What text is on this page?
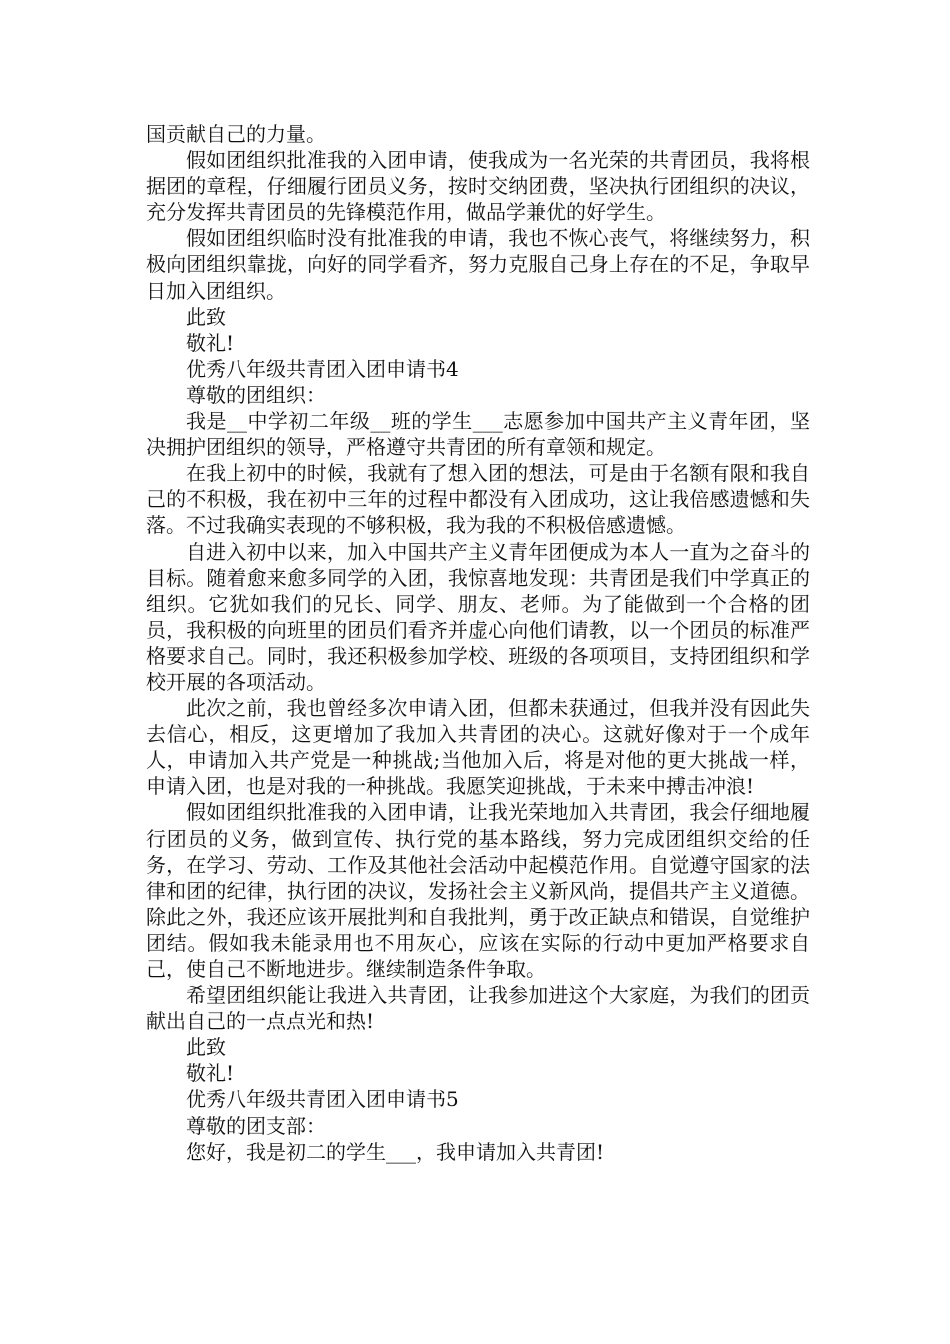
国贡献自己的力量。

假如团组织批准我的入团申请，使我成为一名光荣的共青团员，我将根据团的章程，仔细履行团员义务，按时交纳团费，坚决执行团组织的决议，充分发挥共青团员的先锋模范作用，做品学兼优的好学生。

假如团组织临时没有批准我的申请，我也不恢心丧气，将继续努力，积极向团组织靠拢，向好的同学看齐，努力克服自己身上存在的不足，争取早日加入团组织。

此致

敬礼!

优秀八年级共青团入团申请书4

尊敬的团组织：

我是__中学初二年级__班的学生___志愿参加中国共产主义青年团，坚决拥护团组织的领导，严格遵守共青团的所有章领和规定。

在我上初中的时候，我就有了想入团的想法，可是由于名额有限和我自己的不积极，我在初中三年的过程中都没有入团成功，这让我倍感遗憾和失落。不过我确实表现的不够积极，我为我的不积极倍感遗憾。

自进入初中以来，加入中国共产主义青年团便成为本人一直为之奋斗的目标。随着愈来愈多同学的入团，我惊喜地发现：共青团是我们中学真正的组织。它犹如我们的兄长、同学、朋友、老师。为了能做到一个合格的团员，我积极的向班里的团员们看齐并虚心向他们请教，以一个团员的标准严格要求自己。同时，我还积极参加学校、班级的各项项目，支持团组织和学校开展的各项活动。

此次之前，我也曾经多次申请入团，但都未获通过，但我并没有因此失去信心，相反，这更增加了我加入共青团的决心。这就好像对于一个成年人，申请加入共产党是一种挑战;当他加入后，将是对他的更大挑战一样，申请入团，也是对我的一种挑战。我愿笑迎挑战，于未来中搏击冲浪!

假如团组织批准我的入团申请，让我光荣地加入共青团，我会仔细地履行团员的义务，做到宣传、执行党的基本路线，努力完成团组织交给的任务，在学习、劳动、工作及其他社会活动中起模范作用。自觉遵守国家的法律和团的纪律，执行团的决议，发扬社会主义新风尚，提倡共产主义道德。除此之外，我还应该开展批判和自我批判，勇于改正缺点和错误，自觉维护团结。假如我未能录用也不用灰心，应该在实际的行动中更加严格要求自己，使自己不断地进步。继续制造条件争取。

希望团组织能让我进入共青团，让我参加进这个大家庭，为我们的团贡献出自己的一点点光和热!

此致

敬礼!

优秀八年级共青团入团申请书5

尊敬的团支部：

您好，我是初二的学生___，我申请加入共青团!
